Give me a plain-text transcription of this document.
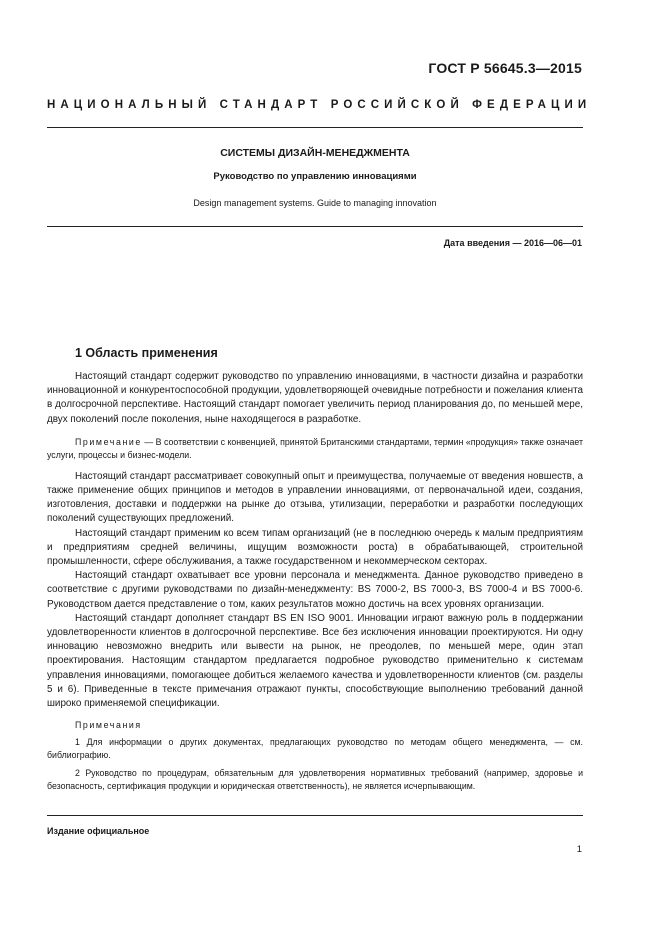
ГОСТ Р 56645.3—2015
НАЦИОНАЛЬНЫЙ СТАНДАРТ РОССИЙСКОЙ ФЕДЕРАЦИИ
СИСТЕМЫ ДИЗАЙН-МЕНЕДЖМЕНТА
Руководство по управлению инновациями
Design management systems. Guide to managing innovation
Дата введения — 2016—06—01
1 Область применения

Настоящий стандарт содержит руководство по управлению инновациями, в частности дизайна и разработки инновационной и конкурентоспособной продукции, удовлетворяющей очевидные потребности и пожелания клиента в долгосрочной перспективе. Настоящий стандарт помогает увеличить период планирования до, по меньшей мере, двух поколений после поколения, ныне находящегося в разработке.

Примечание — В соответствии с конвенцией, принятой Британскими стандартами, термин «продукция» также означает услуги, процессы и бизнес-модели.

Настоящий стандарт рассматривает совокупный опыт и преимущества, получаемые от введения новшеств, а также применение общих принципов и методов в управлении инновациями, от первоначальной идеи, создания, изготовления, доставки и поддержки на рынке до отзыва, утилизации, переработки и разработки последующих поколений существующих предложений.

Настоящий стандарт применим ко всем типам организаций (не в последнюю очередь к малым предприятиям и предприятиям средней величины, ищущим возможности роста) в обрабатывающей, строительной промышленности, сфере обслуживания, а также государственном и некоммерческом секторах.

Настоящий стандарт охватывает все уровни персонала и менеджмента. Данное руководство приведено в соответствие с другими руководствами по дизайн-менеджменту: BS 7000-2, BS 7000-3, BS 7000-4 и BS 7000-6. Руководством дается представление о том, каких результатов можно достичь на всех уровнях организации.

Настоящий стандарт дополняет стандарт BS EN ISO 9001. Инновации играют важную роль в поддержании удовлетворенности клиентов в долгосрочной перспективе. Все без исключения инновации проектируются. Ни одну инновацию невозможно внедрить или вывести на рынок, не преодолев, по меньшей мере, один этап проектирования. Настоящим стандартом предлагается подробное руководство применительно к системам управления инновациями, помогающее добиться желаемого качества и удовлетворенности клиентов (см. разделы 5 и 6). Приведенные в тексте примечания отражают пункты, способствующие выполнению требований данной широко применяемой спецификации.

Примечания
1 Для информации о других документах, предлагающих руководство по методам общего менеджмента, — см. библиографию.
2 Руководство по процедурам, обязательным для удовлетворения нормативных требований (например, здоровье и безопасность, сертификация продукции и юридическая ответственность), не является исчерпывающим.
Издание официальное
1
